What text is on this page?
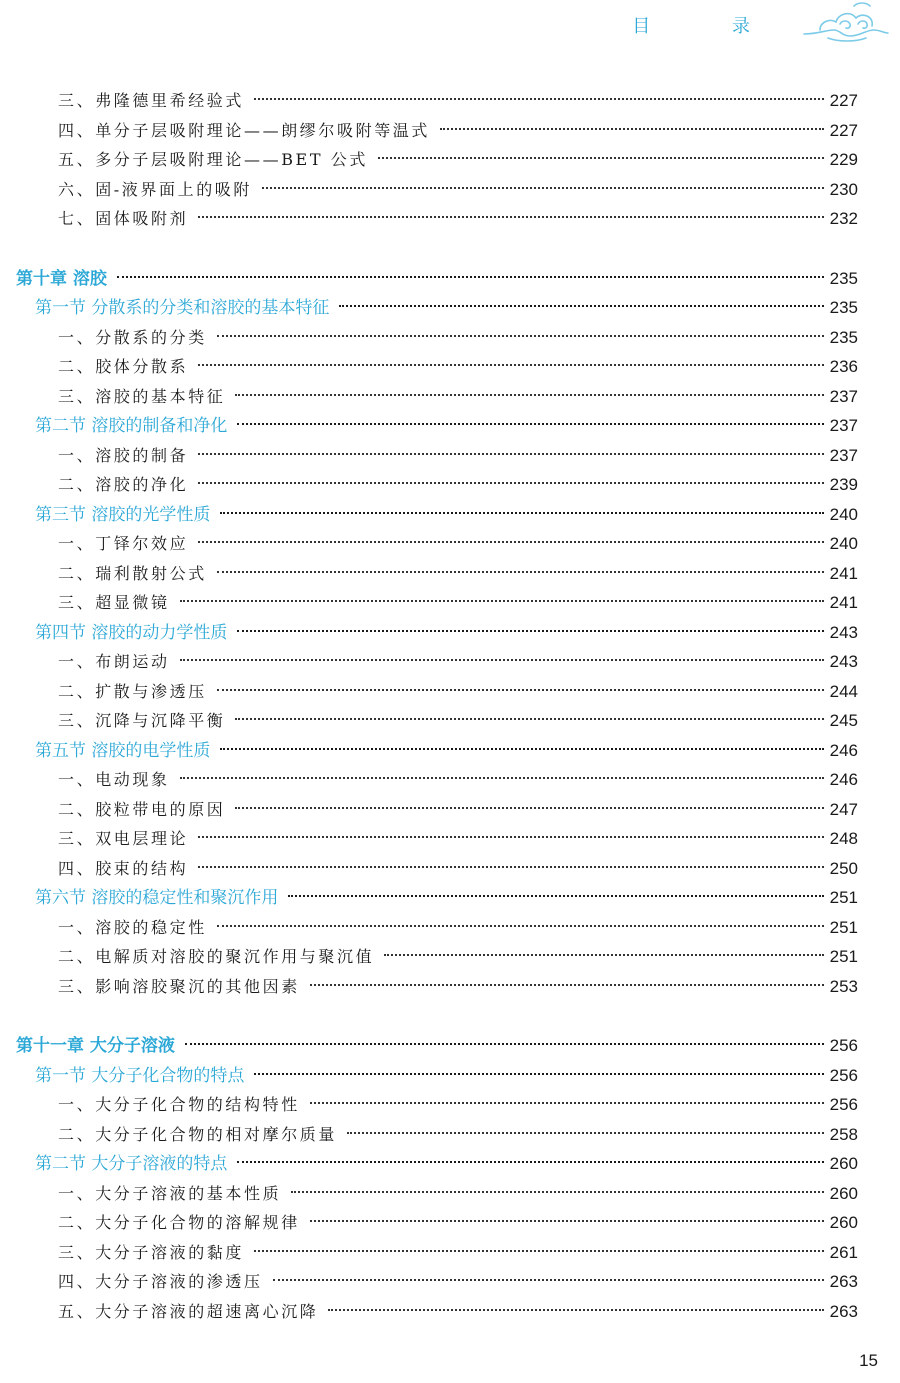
目 录
三、弗隆德里希经验式	227
四、单分子层吸附理论——朗缪尔吸附等温式	227
五、多分子层吸附理论——BET 公式	229
六、固-液界面上的吸附	230
七、固体吸附剂	232
第十章 溶胶	235
第一节 分散系的分类和溶胶的基本特征	235
一、分散系的分类	235
二、胶体分散系	236
三、溶胶的基本特征	237
第二节 溶胶的制备和净化	237
一、溶胶的制备	237
二、溶胶的净化	239
第三节 溶胶的光学性质	240
一、丁铎尔效应	240
二、瑞利散射公式	241
三、超显微镜	241
第四节 溶胶的动力学性质	243
一、布朗运动	243
二、扩散与渗透压	244
三、沉降与沉降平衡	245
第五节 溶胶的电学性质	246
一、电动现象	246
二、胶粒带电的原因	247
三、双电层理论	248
四、胶束的结构	250
第六节 溶胶的稳定性和聚沉作用	251
一、溶胶的稳定性	251
二、电解质对溶胶的聚沉作用与聚沉值	251
三、影响溶胶聚沉的其他因素	253
第十一章 大分子溶液	256
第一节 大分子化合物的特点	256
一、大分子化合物的结构特性	256
二、大分子化合物的相对摩尔质量	258
第二节 大分子溶液的特点	260
一、大分子溶液的基本性质	260
二、大分子化合物的溶解规律	260
三、大分子溶液的黏度	261
四、大分子溶液的渗透压	263
五、大分子溶液的超速离心沉降	263
15
